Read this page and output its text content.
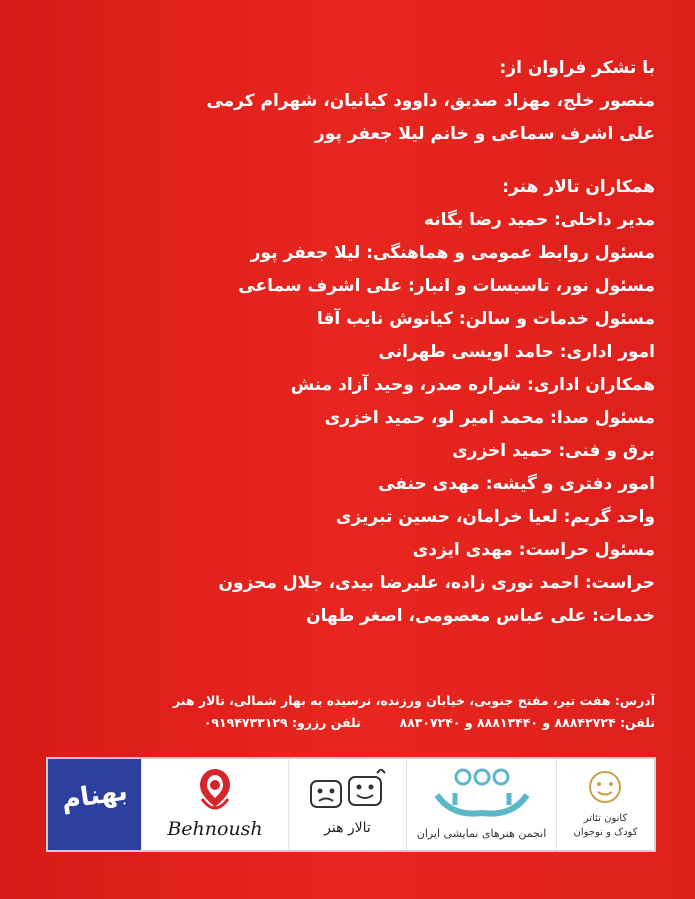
با تشکر فراوان از:
منصور خلج، مهزاد صدیق، داوود کیانیان، شهرام کرمی
علی اشرف سماعی و خانم لیلا جعفر پور
همکاران تالار هنر:
مدیر داخلی: حمید رضا یگانه
مسئول روابط عمومی و هماهنگی: لیلا جعفر پور
مسئول نور، تاسیسات و انبار: علی اشرف سماعی
مسئول خدمات و سالن: کیانوش نایب آقا
امور اداری: حامد اویسی طهرانی
همکاران اداری: شراره صدر، وحید آزاد منش
مسئول صدا: محمد امیر لو، حمید اخزری
برق و فنی: حمید اخزری
امور دفتری و گیشه: مهدی حنفی
واحد گریم: لعیا خرامان، حسین تبریزی
مسئول حراست: مهدی ایزدی
حراست: احمد نوری زاده، علیرضا بیدی، جلال محزون
خدمات: علی عباس معصومی، اصغر طهان
آدرس: هفت تیر، مفتح جنوبی، خیابان ورزنده، نرسیده به بهار شمالی، تالار هنر
تلفن: ۸۸۸۴۲۷۲۴ و ۸۸۸۱۳۴۴۰ و ۸۸۳۰۷۲۴۰  تلفن رزرو: ۰۹۱۹۴۷۳۳۱۲۹
بهنام
Behnoush	تالار هنر	انجمن هنرهای نمایشی ایران
کانون تئاتر
کودک و نوجوان
